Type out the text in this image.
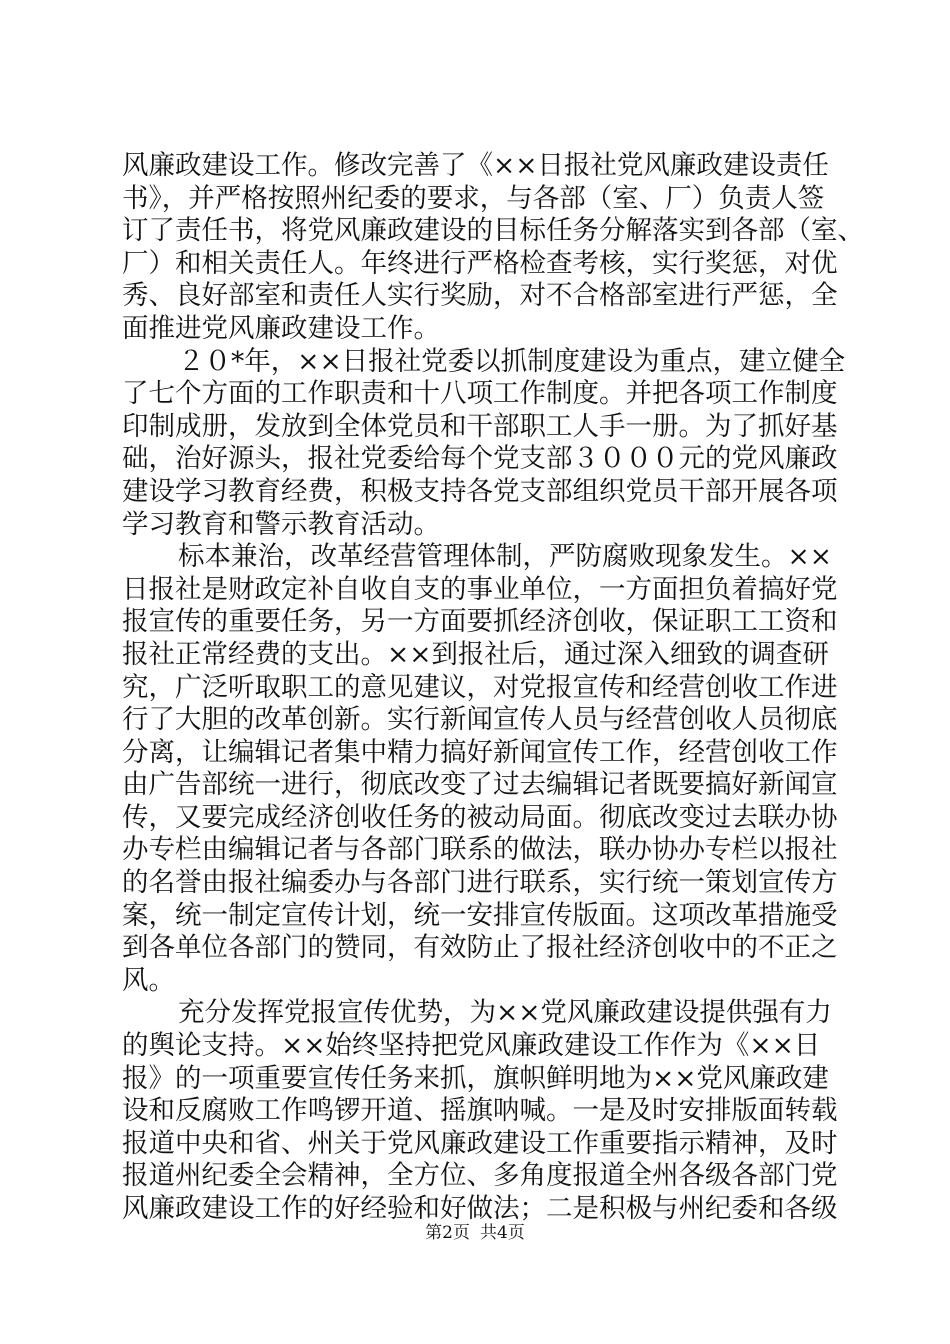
风廉政建设工作。修改完善了《××日报社党风廉政建设责任
书》，并严格按照州纪委的要求，与各部（室、厂）负责人签
订了责任书，将党风廉政建设的目标任务分解落实到各部（室、
厂）和相关责任人。年终进行严格检查考核，实行奖惩，对优
秀、良好部室和责任人实行奖励，对不合格部室进行严惩，全
面推进党风廉政建设工作。
２０*年，××日报社党委以抓制度建设为重点，建立健全
了七个方面的工作职责和十八项工作制度。并把各项工作制度
印制成册，发放到全体党员和干部职工人手一册。为了抓好基
础，治好源头，报社党委给每个党支部３０００元的党风廉政
建设学习教育经费，积极支持各党支部组织党员干部开展各项
学习教育和警示教育活动。
标本兼治，改革经营管理体制，严防腐败现象发生。××
日报社是财政定补自收自支的事业单位，一方面担负着搞好党
报宣传的重要任务，另一方面要抓经济创收，保证职工工资和
报社正常经费的支出。××到报社后，通过深入细致的调查研
究，广泛听取职工的意见建议，对党报宣传和经营创收工作进
行了大胆的改革创新。实行新闻宣传人员与经营创收人员彻底
分离，让编辑记者集中精力搞好新闻宣传工作，经营创收工作
由广告部统一进行，彻底改变了过去编辑记者既要搞好新闻宣
传，又要完成经济创收任务的被动局面。彻底改变过去联办协
办专栏由编辑记者与各部门联系的做法，联办协办专栏以报社
的名誉由报社编委办与各部门进行联系，实行统一策划宣传方
案，统一制定宣传计划，统一安排宣传版面。这项改革措施受
到各单位各部门的赞同，有效防止了报社经济创收中的不正之
风。
充分发挥党报宣传优势，为××党风廉政建设提供强有力
的舆论支持。××始终坚持把党风廉政建设工作作为《××日
报》的一项重要宣传任务来抓，旗帜鲜明地为××党风廉政建
设和反腐败工作鸣锣开道、摇旗呐喊。一是及时安排版面转载
报道中央和省、州关于党风廉政建设工作重要指示精神，及时
报道州纪委全会精神，全方位、多角度报道全州各级各部门党
风廉政建设工作的好经验和好做法；二是积极与州纪委和各级
第2页 共4页
